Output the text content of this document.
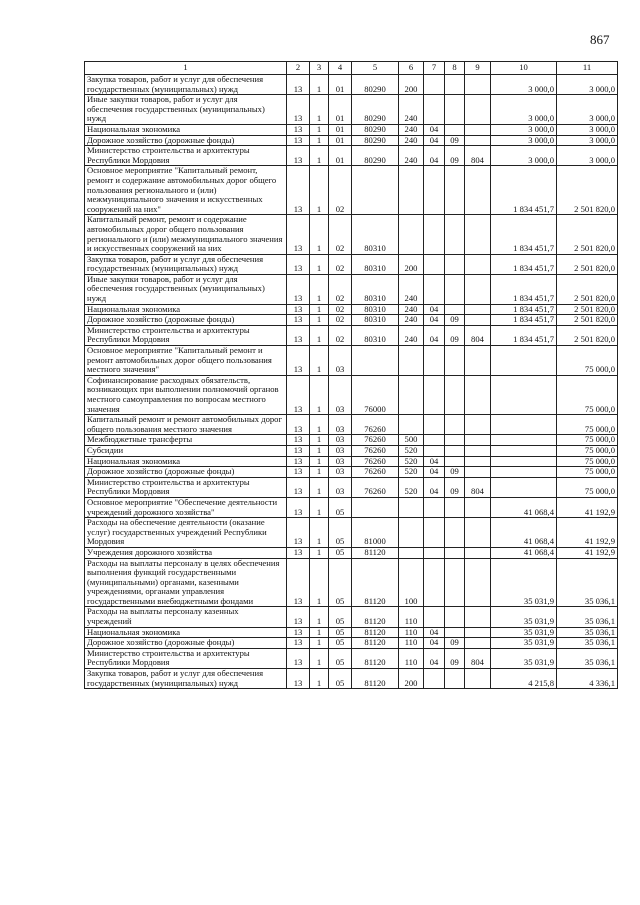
867
1	2	3	4	5	6	7	8	9	10	11
Закупка товаров, работ и услуг для обеспечения государственных (муниципальных) нужд	13	1	01	80290	200				3 000,0	3 000,0
Иные закупки товаров, работ и услуг для обеспечения государственных (муниципальных) нужд	13	1	01	80290	240				3 000,0	3 000,0
Национальная экономика	13	1	01	80290	240	04			3 000,0	3 000,0
Дорожное хозяйство (дорожные фонды)	13	1	01	80290	240	04	09		3 000,0	3 000,0
Министерство строительства и архитектуры Республики Мордовия	13	1	01	80290	240	04	09	804	3 000,0	3 000,0
Основное мероприятие "Капитальный ремонт, ремонт и содержание автомобильных дорог общего пользования регионального и (или) межмуниципального значения и искусственных сооружений на них"	13	1	02						1 834 451,7	2 501 820,0
Капитальный ремонт, ремонт и содержание автомобильных дорог общего пользования регионального и (или) межмуниципального значения и искусственных сооружений на них	13	1	02	80310					1 834 451,7	2 501 820,0
Закупка товаров, работ и услуг для обеспечения государственных (муниципальных) нужд	13	1	02	80310	200				1 834 451,7	2 501 820,0
Иные закупки товаров, работ и услуг для обеспечения государственных (муниципальных) нужд	13	1	02	80310	240				1 834 451,7	2 501 820,0
Национальная экономика	13	1	02	80310	240	04			1 834 451,7	2 501 820,0
Дорожное хозяйство (дорожные фонды)	13	1	02	80310	240	04	09		1 834 451,7	2 501 820,0
Министерство строительства и архитектуры Республики Мордовия	13	1	02	80310	240	04	09	804	1 834 451,7	2 501 820,0
Основное мероприятие "Капитальный ремонт и ремонт автомобильных дорог общего пользования местного значения"	13	1	03							75 000,0
Софинансирование расходных обязательств, возникающих при выполнении полномочий органов местного самоуправления по вопросам местного значения	13	1	03	76000						75 000,0
Капитальный ремонт и ремонт автомобильных дорог общего пользования местного значения	13	1	03	76260						75 000,0
Межбюджетные трансферты	13	1	03	76260	500					75 000,0
Субсидии	13	1	03	76260	520					75 000,0
Национальная экономика	13	1	03	76260	520	04				75 000,0
Дорожное хозяйство (дорожные фонды)	13	1	03	76260	520	04	09			75 000,0
Министерство строительства и архитектуры Республики Мордовия	13	1	03	76260	520	04	09	804		75 000,0
Основное мероприятие "Обеспечение деятельности учреждений дорожного хозяйства"	13	1	05						41 068,4	41 192,9
Расходы на обеспечение деятельности (оказание услуг) государственных учреждений Республики Мордовия	13	1	05	81000					41 068,4	41 192,9
Учреждения дорожного хозяйства	13	1	05	81120					41 068,4	41 192,9
Расходы на выплаты персоналу в целях обеспечения выполнения функций государственными (муниципальными) органами, казенными учреждениями, органами управления государственными внебюджетными фондами	13	1	05	81120	100				35 031,9	35 036,1
Расходы на выплаты персоналу казенных учреждений	13	1	05	81120	110				35 031,9	35 036,1
Национальная экономика	13	1	05	81120	110	04			35 031,9	35 036,1
Дорожное хозяйство (дорожные фонды)	13	1	05	81120	110	04	09		35 031,9	35 036,1
Министерство строительства и архитектуры Республики Мордовия	13	1	05	81120	110	04	09	804	35 031,9	35 036,1
Закупка товаров, работ и услуг для обеспечения государственных (муниципальных) нужд	13	1	05	81120	200				4 215,8	4 336,1
